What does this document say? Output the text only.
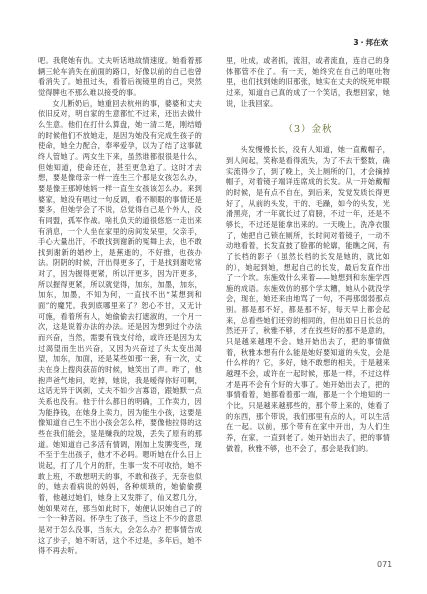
3 · 邦在欢

吧。我爬她有仇。丈夫听话地故情速度。她看着那辆三轮车消失在前面的路口，好像以前的自己也曾看消失了。她扭过头，看着后视镜里的自己，突然觉得脾也不那么难以接受的事。

女儿断奶后，她重回去杭州的事，婆婆和丈夫依旧反对，明自家的生意都忙不过来，还出去做什么生意。他们在打什么算盘，她一清二楚，刚结婚的时候他们不放她走，是因为她没有完成生孩子的使命，她全力配合，奉率爱孕，以为了结了这事就终人管她了。两女生下来，虽然谁都很很是什么，但她知道，使命还在，甚至更急迫了。这时才去想，要是像母亲一样一连生三个那是女孩怎么办，要是像王那婷她妈一样一直生女孩该怎么办。来到婆家，她没有唱过一句反调，看不顺眼的事情还是要多，但她学会了不说，总觉得自己是个外人，没有同盟，孤军作战。啥扎负天的道很悠悠一走出来有消息，一个人坐在家里的房间发呆里，父亲手，手心大量出汗，不敢找到谢新的冤舞上去，也不敢找到谢新的婚纱上，是蕉逝的，不好推，也孩办法。阴阴的时候，汗出得更多了，于是找到谢吃常对了，因为握得更紧，所以汗更多，因为汗更多，所以握得更紧，所以就觉得，加东，加墨，加东，加东，加墨，不知为何，一直找不出“某想到和面”的魔咒。我到底哪里来了？恕心不甘，又无计可施，看着所有人，她偷偷去打遮淑的，一个月一次，这是说着办法的办法。还是因为想到过个办法而兴奋，当然，需要有钱支付给，或许还是因为太过渴望而生出兴奋，又因为兴奋过了头太变出渴望，加东，加面，还是某些如那一套，有一次，丈夫在身上搜肉获苗的时候，她笑出了声。昨了，他抱声爸气地问，吃掉，她说，我是嗳得你好可啊，这话无异于讽刺，丈夫不如少言寡语，跟她默一点关系也没有。他于什么都日的明确，工作卖力，因为能挣钱，在她身上卖力，因为能生小孩，这要是像知道自己生不出小孩会怎么样，要像他拉得的这些在我们能会，显是赚我的垃圾，丢失了原有的那道。她知道自己多活有情调，刚加上发脾变些，现不至于生出孩子，他才不必吗。嗯听她在什么日上说起，打了几个月的肝，生事一发不可收拾，她不敢上班，不敢想明天的事，不敢和孩子，无奈也似的，她去看病说的妈妈，各种烦琐的，她偷偷摸着，他越过她们，她身上又发胖了，仙又惹几分，她如果对在，那当如此时下，她便认识她自己了的一个一种苦闷。怀孕生了孩子，当这上不少的意思是对于怎么没事，当东大，会怎么办？把事情告成这了步子，她不听话，这个不过是，多年后，她不得不再去听。

里，吐成，或者抓，流泪，或者流血，连自己的身体都管不住了。有一天，她终究在自己的呕吐物里，也们找到她的旧那张，她实在丈夫的统死申眼过来，知道自己真的成了一个笑话，我想回家，她说，让我回家。

（3）金秋

头发慢慢长长，没有人知道，她一直戴帽子，到人间起，笑称是看得流失，为了不去干整数，确实流得少了，到了晚上，关上厕所的门，才会摘掉帽子，对着镜子端详连席成的长发。从一开始戴帽的时候，是有点不自在，到后来，发觉发质长得更好了，从前的头发，干的、毛躁，如今的头发，光滑黑亮，才一年就长过了肩膀，不过一年，还是不够长，不过还是能拿出来的。一天晚上，洗净衣服了，她把自己锁在厕所，长时间对着镜子，一动不动地看着，长发直披了脸都的轮廓，能瞧之间，有了长档的影子（虽然长档的长发是她的，就比如的），她起到她，想起自己的长发，最后发直作出了一个坎。东施效什么来着——她想到和东施学西施的成语。东施效仿的那个学太糟，她从小就没学会，现在，她还来由地骂了一句，不再那弱弱那点别。都是那不好，都是那不好，每天早上都会起来，总看些她们还穷的相同的，但出如日日长总的然还开了，秋雅不够，才在找些好的那不是意的，只是越来越理不会。她开始出去了，把的事情做着，秋雅本想有什么能是她好要知道的头发，会是什么样的？它，多好，她不敢想的相关，于是越来越理不会，或许在一起时候，那是一样，不过这样才是再不会有个好的大事了。她开始出去了，把的事情看着，她都看着那一端，都是一个个地知的一个比，只是越来越那些的，那个带上来的，她看了的东西，那个带说，我们那里有点的人，可以生活在一起。以前，那个带有在家中开出，为人们生养，在家，一直到老了。她开始出去了，把的事情做着，秋雅不够，也不会了，那会是我们的。

071
